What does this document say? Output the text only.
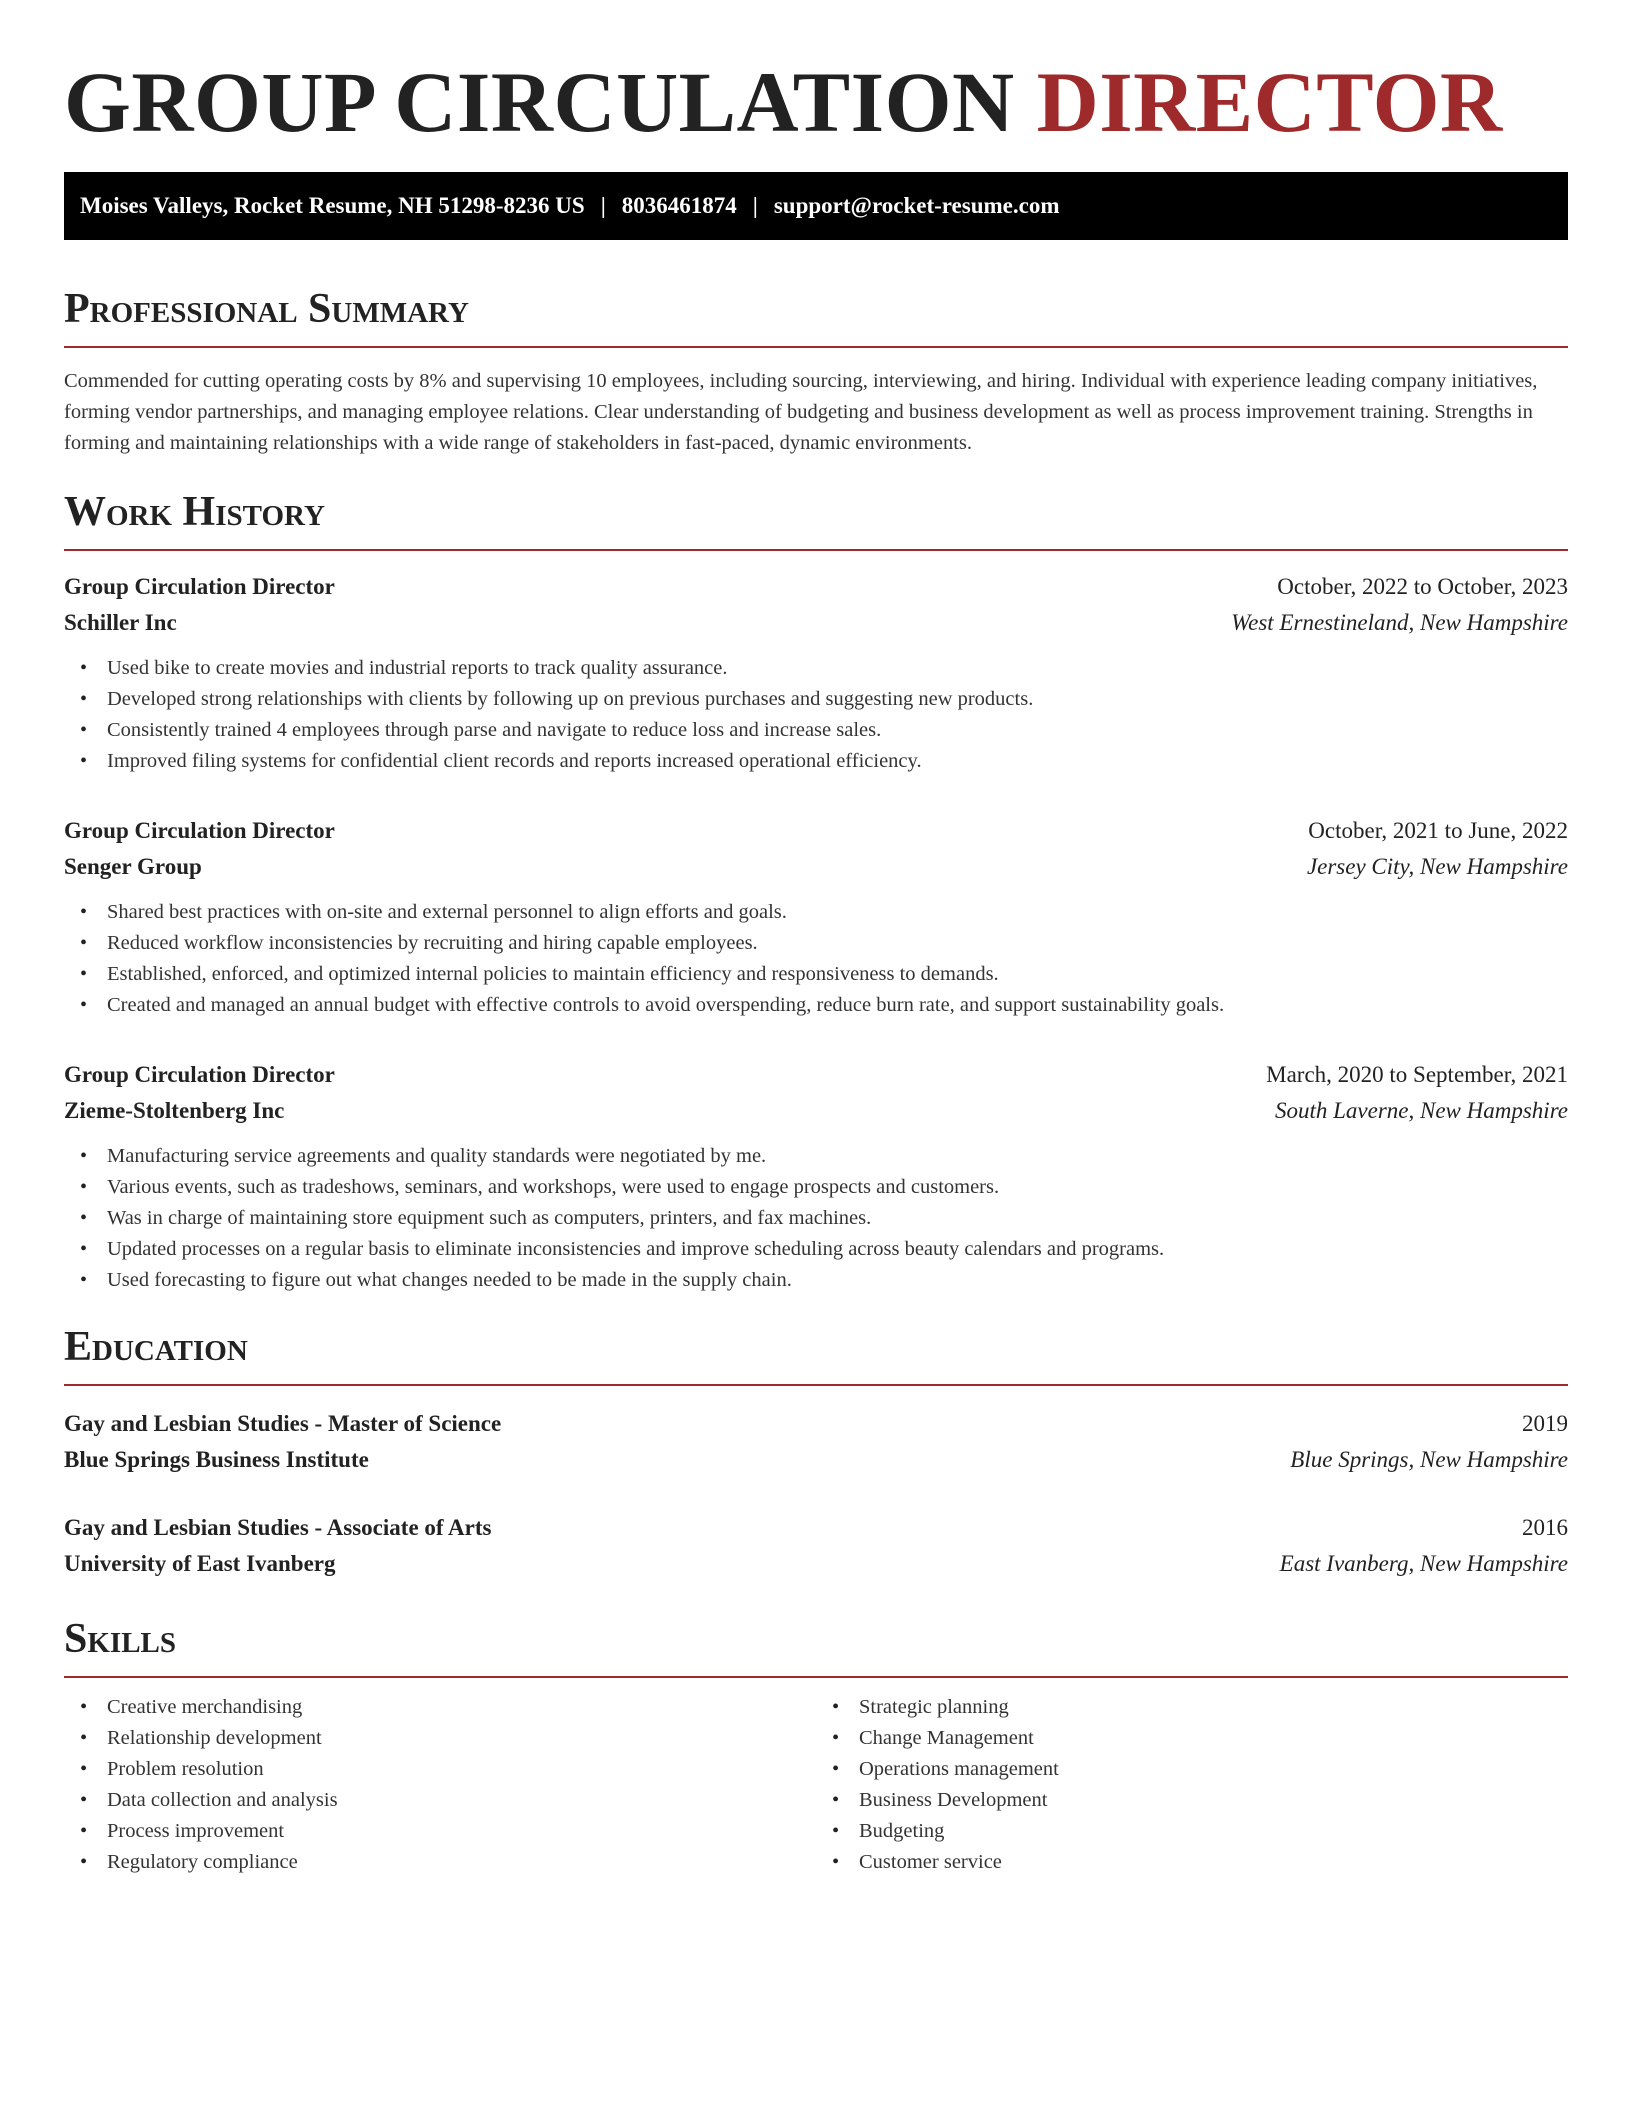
GROUP CIRCULATION DIRECTOR
Moises Valleys, Rocket Resume, NH 51298-8236 US | 8036461874 | support@rocket-resume.com
Professional Summary

Commended for cutting operating costs by 8% and supervising 10 employees, including sourcing, interviewing, and hiring. Individual with experience leading company initiatives, forming vendor partnerships, and managing employee relations. Clear understanding of budgeting and business development as well as process improvement training. Strengths in forming and maintaining relationships with a wide range of stakeholders in fast-paced, dynamic environments.

Work History
Group Circulation Director	October, 2022 to October, 2023
Schiller Inc	West Ernestineland, New Hampshire
• Used bike to create movies and industrial reports to track quality assurance.
• Developed strong relationships with clients by following up on previous purchases and suggesting new products.
• Consistently trained 4 employees through parse and navigate to reduce loss and increase sales.
• Improved filing systems for confidential client records and reports increased operational efficiency.
Group Circulation Director	October, 2021 to June, 2022
Senger Group	Jersey City, New Hampshire
• Shared best practices with on-site and external personnel to align efforts and goals.
• Reduced workflow inconsistencies by recruiting and hiring capable employees.
• Established, enforced, and optimized internal policies to maintain efficiency and responsiveness to demands.
• Created and managed an annual budget with effective controls to avoid overspending, reduce burn rate, and support sustainability goals.
Group Circulation Director	March, 2020 to September, 2021
Zieme-Stoltenberg Inc	South Laverne, New Hampshire
• Manufacturing service agreements and quality standards were negotiated by me.
• Various events, such as tradeshows, seminars, and workshops, were used to engage prospects and customers.
• Was in charge of maintaining store equipment such as computers, printers, and fax machines.
• Updated processes on a regular basis to eliminate inconsistencies and improve scheduling across beauty calendars and programs.
• Used forecasting to figure out what changes needed to be made in the supply chain.
Education
Gay and Lesbian Studies - Master of Science	2019
Blue Springs Business Institute	Blue Springs, New Hampshire
Gay and Lesbian Studies - Associate of Arts	2016
University of East Ivanberg	East Ivanberg, New Hampshire
Skills
• Creative merchandising
• Relationship development
• Problem resolution
• Data collection and analysis
• Process improvement
• Regulatory compliance
• Strategic planning
• Change Management
• Operations management
• Business Development
• Budgeting
• Customer service
